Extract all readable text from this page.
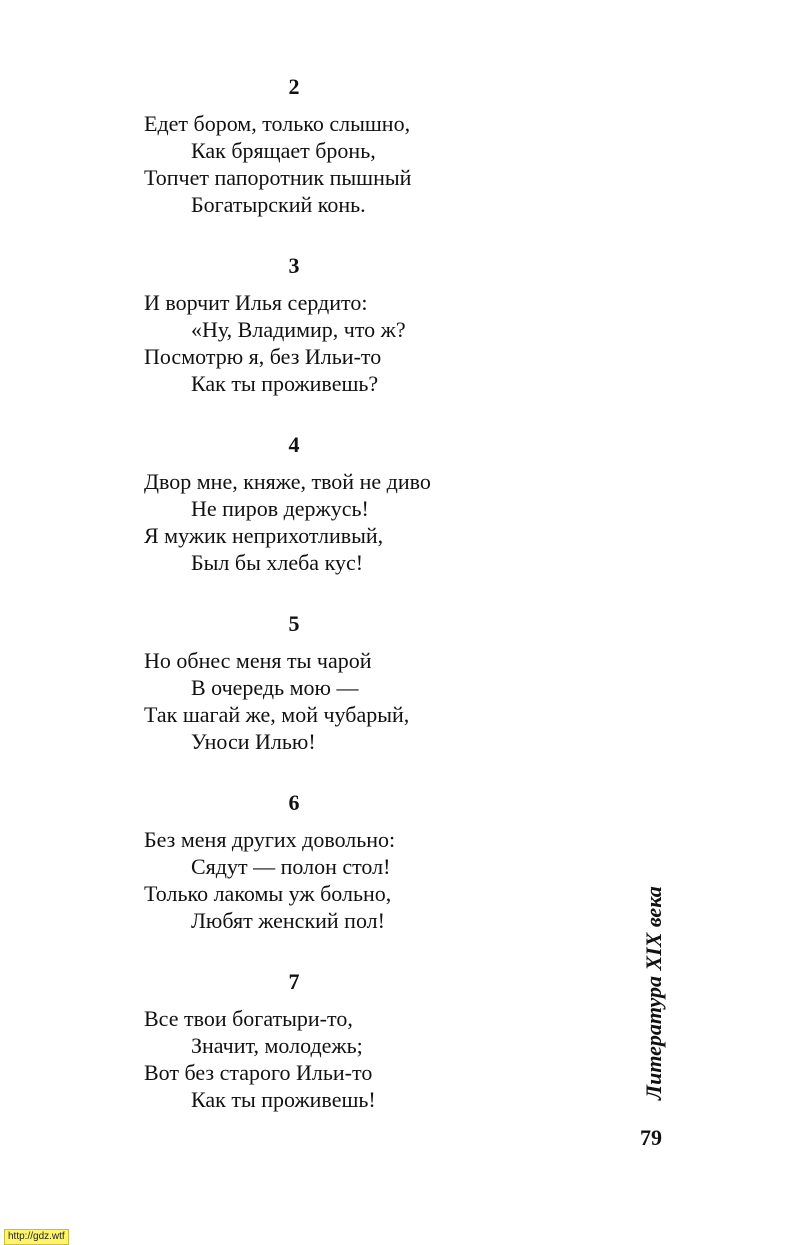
2
Едет бором, только слышно,
Как брящает бронь,
Топчет папоротник пышный
Богатырский конь.
3
И ворчит Илья сердито:
«Ну, Владимир, что ж?
Посмотрю я, без Ильи-то
Как ты проживешь?
4
Двор мне, княже, твой не диво
Не пиров держусь!
Я мужик неприхотливый,
Был бы хлеба кус!
5
Но обнес меня ты чарой
В очередь мою —
Так шагай же, мой чубарый,
Уноси Илью!
6
Без меня других довольно:
Сядут — полон стол!
Только лакомы уж больно,
Любят женский пол!
7
Все твои богатыри-то,
Значит, молодежь;
Вот без старого Ильи-то
Как ты проживешь!	Литература XIX века
79
http://gdz.wtf
